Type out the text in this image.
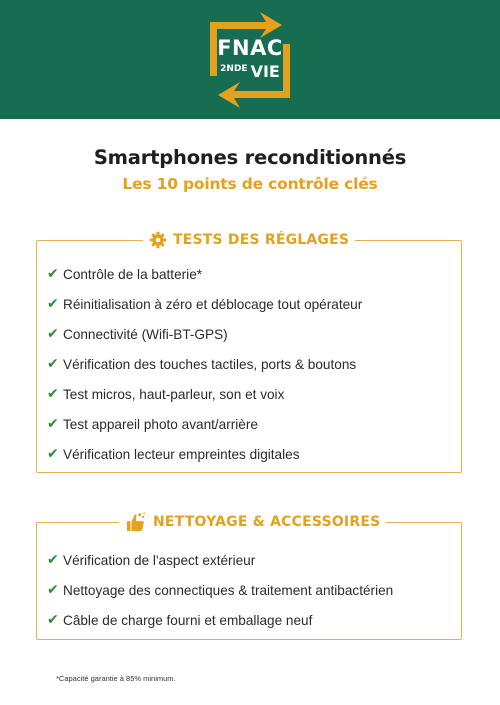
FNAC
$^{2NDE}$ VIE
Smartphones reconditionnés
Les 10 points de contrôle clés
TESTS DES RÉGLAGES
✔ Contrôle de la batterie*
✔ Réinitialisation à zéro et déblocage tout opérateur
✔ Connectivité (Wifi-BT-GPS)
✔ Vérification des touches tactiles, ports & boutons
✔ Test micros, haut-parleur, son et voix
✔ Test appareil photo avant/arrière
✔ Vérification lecteur empreintes digitales
NETTOYAGE & ACCESSOIRES
✔ Vérification de l'aspect extérieur
✔ Nettoyage des connectiques & traitement antibactérien
✔ Câble de charge fourni et emballage neuf
*Capacité garantie à 85% minimum.
